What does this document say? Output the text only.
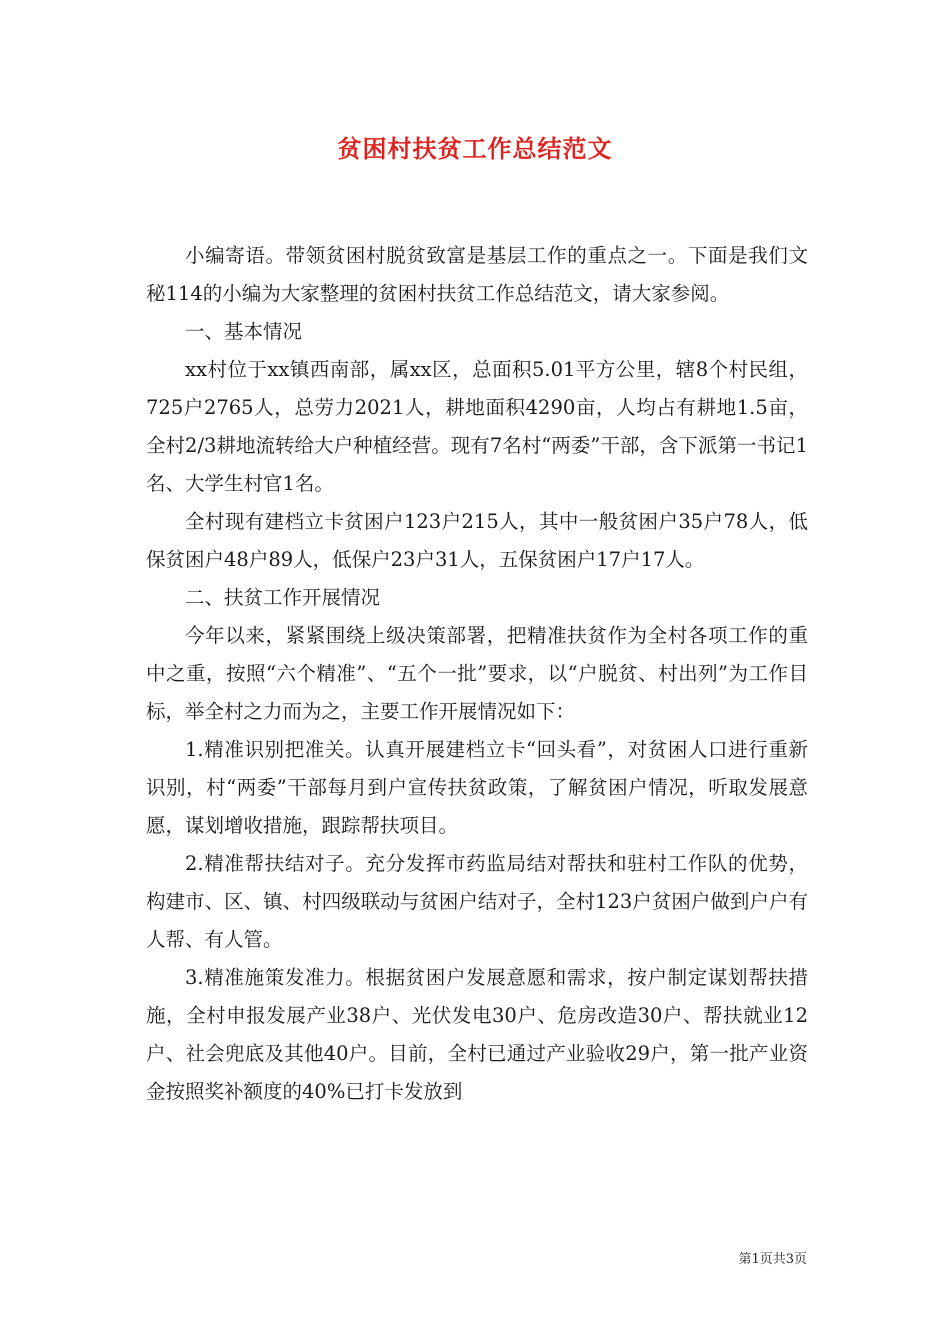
贫困村扶贫工作总结范文

小编寄语。带领贫困村脱贫致富是基层工作的重点之一。下面是我们文秘114的小编为大家整理的贫困村扶贫工作总结范文，请大家参阅。

一、基本情况

xx村位于xx镇西南部，属xx区，总面积5.01平方公里，辖8个村民组，725户2765人，总劳力2021人，耕地面积4290亩，人均占有耕地1.5亩，全村2/3耕地流转给大户种植经营。现有7名村“两委”干部，含下派第一书记1名、大学生村官1名。

全村现有建档立卡贫困户123户215人，其中一般贫困户35户78人，低保贫困户48户89人，低保户23户31人，五保贫困户17户17人。

二、扶贫工作开展情况

今年以来，紧紧围绕上级决策部署，把精准扶贫作为全村各项工作的重中之重，按照“六个精准”、“五个一批”要求，以“户脱贫、村出列”为工作目标，举全村之力而为之，主要工作开展情况如下：

1.精准识别把准关。认真开展建档立卡“回头看”，对贫困人口进行重新识别，村“两委”干部每月到户宣传扶贫政策，了解贫困户情况，听取发展意愿，谋划增收措施，跟踪帮扶项目。

2.精准帮扶结对子。充分发挥市药监局结对帮扶和驻村工作队的优势，构建市、区、镇、村四级联动与贫困户结对子，全村123户贫困户做到户户有人帮、有人管。

3.精准施策发准力。根据贫困户发展意愿和需求，按户制定谋划帮扶措施，全村申报发展产业38户、光伏发电30户、危房改造30户、帮扶就业12户、社会兜底及其他40户。目前，全村已通过产业验收29户，第一批产业资金按照奖补额度的40%已打卡发放到

第1页共3页
